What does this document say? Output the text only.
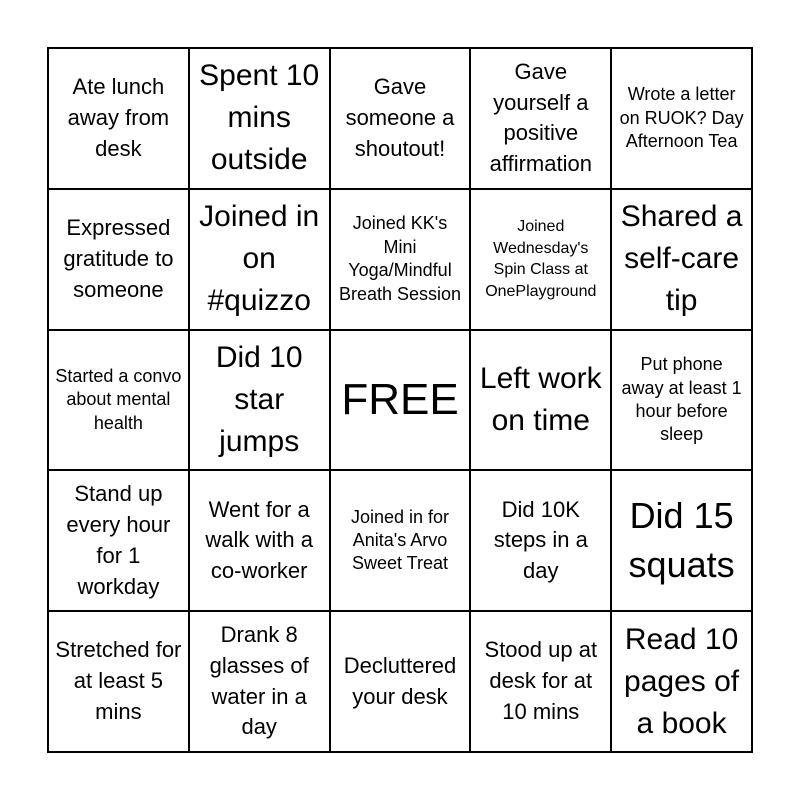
Ate lunch away from desk
Spent 10 mins outside
Gave someone a shoutout!
Gave yourself a positive affirmation
Wrote a letter on RUOK? Day Afternoon Tea
Expressed gratitude to someone
Joined in on #quizzo
Joined KK's Mini Yoga/Mindful Breath Session
Joined Wednesday's Spin Class at OnePlayground
Shared a self-care tip
Started a convo about mental health
Did 10 star jumps
FREE Left work on time
Put phone away at least 1 hour before sleep
Stand up every hour for 1 workday
Went for a walk with a co-worker
Joined in for Anita's Arvo Sweet Treat
Did 10K steps in a day
Did 15 squats
Stretched for at least 5 mins
Drank 8 glasses of water in a day
Decluttered your desk
Stood up at desk for at 10 mins
Read 10 pages of a book
